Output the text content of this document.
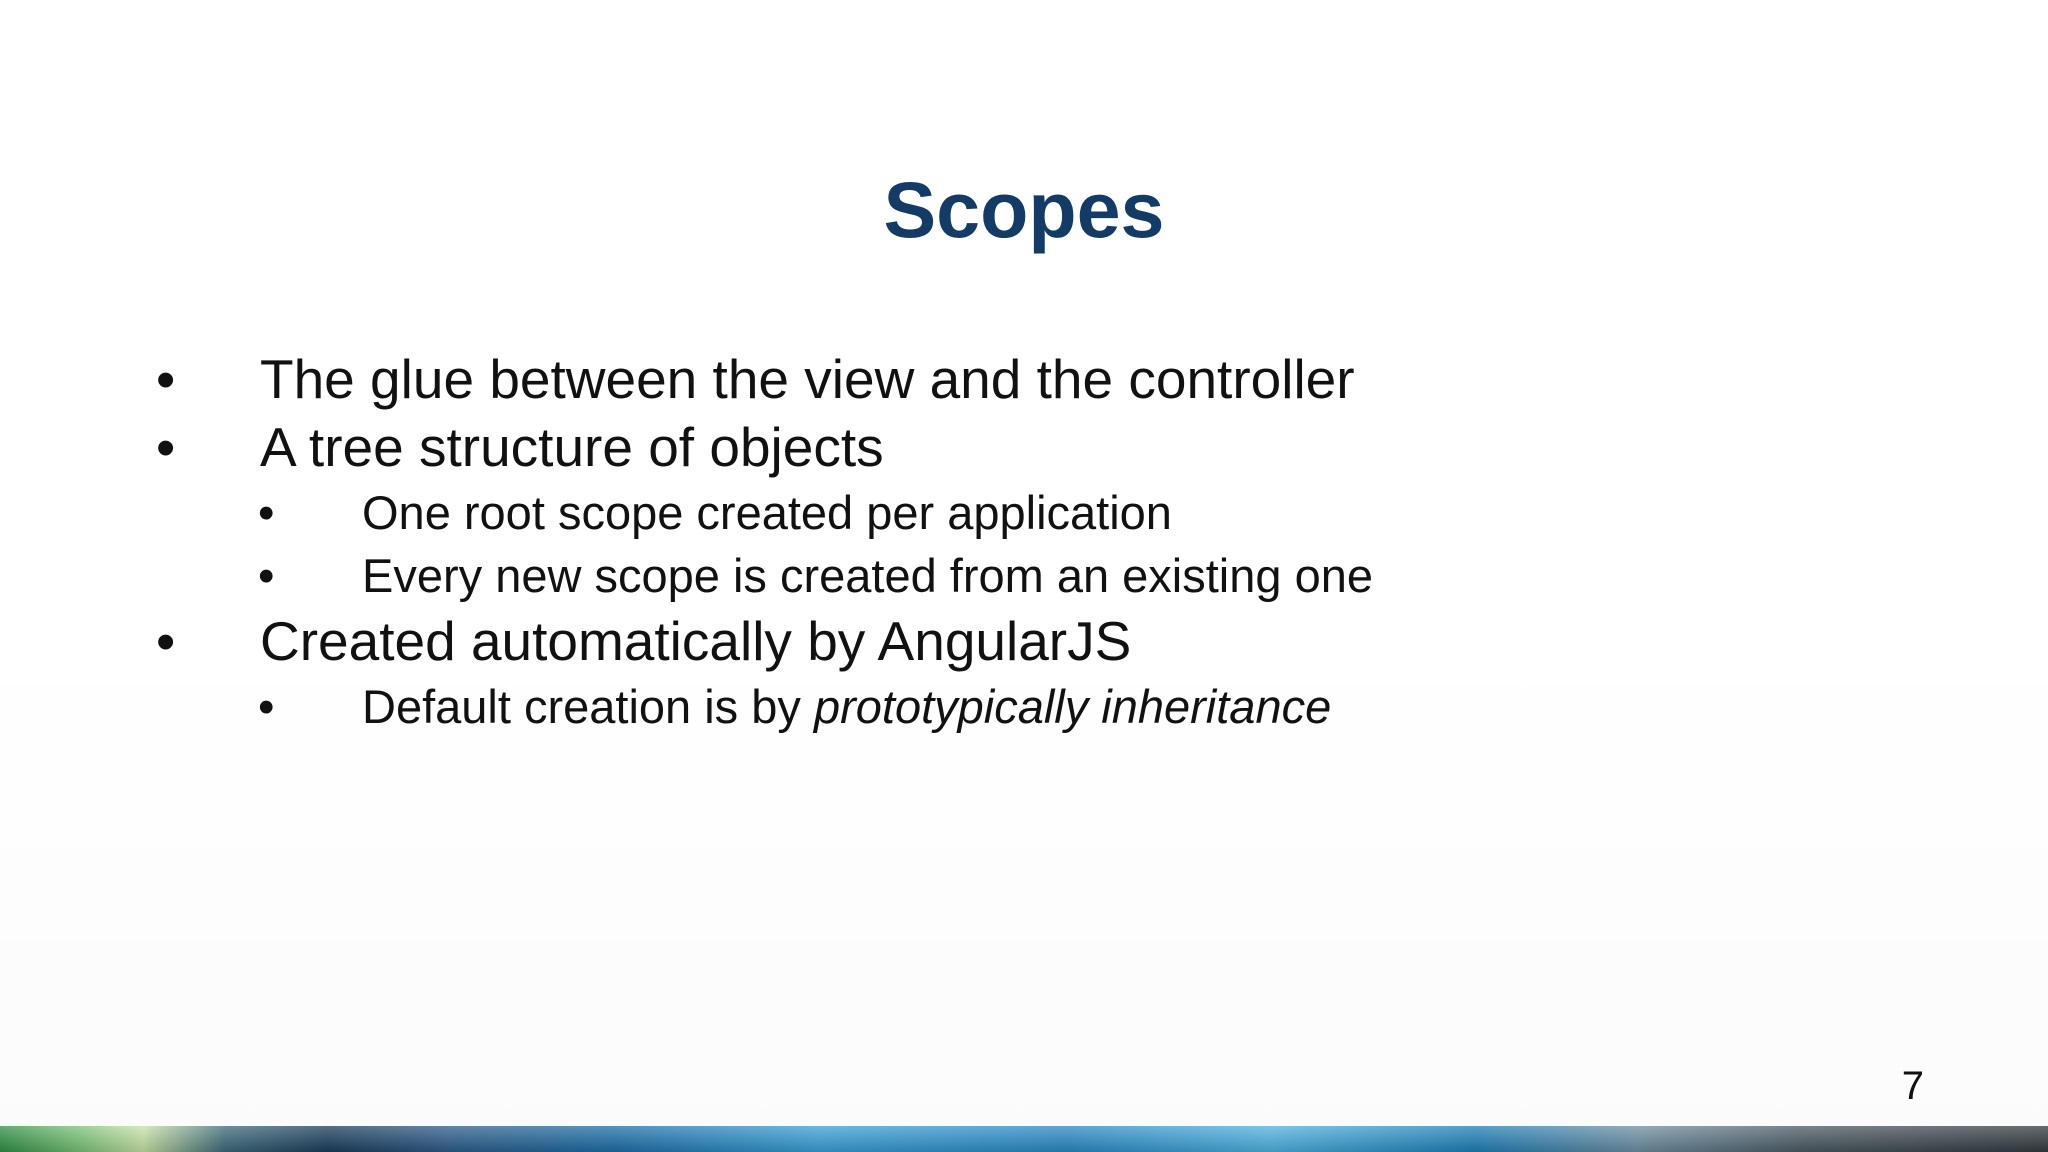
Scopes
• The glue between the view and the controller
• A tree structure of objects
• One root scope created per application
• Every new scope is created from an existing one
• Created automatically by AngularJS
• Default creation is by prototypically inheritance
7
